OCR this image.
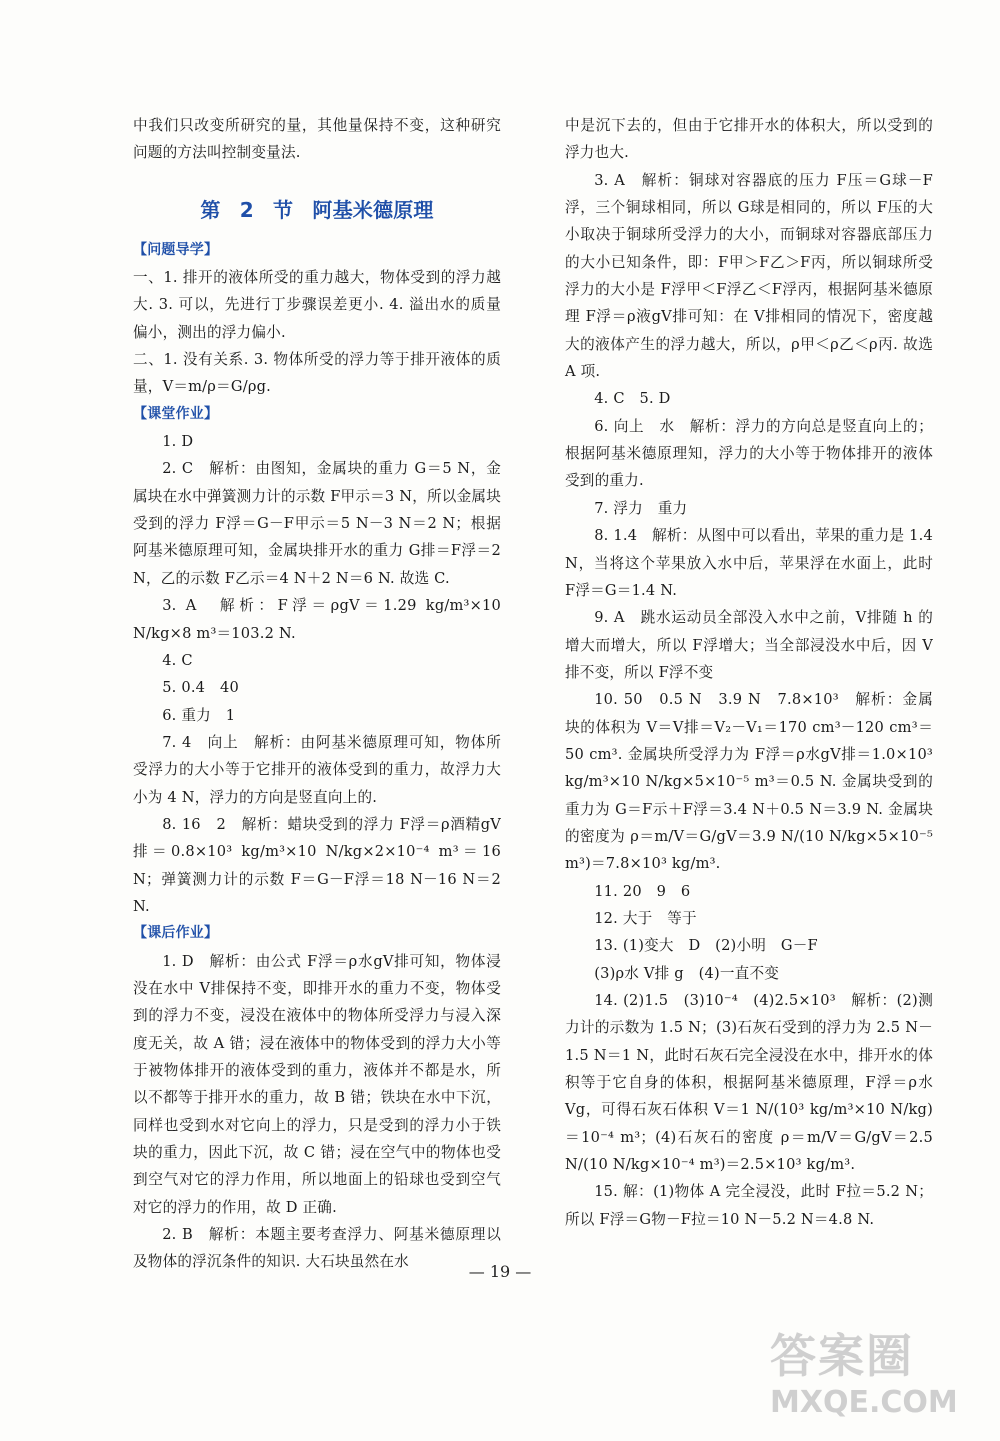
中我们只改变所研究的量，其他量保持不变，这种研究问题的方法叫控制变量法.

第 2 节 阿基米德原理
【问题导学】

一、1. 排开的液体所受的重力越大，物体受到的浮力越大. 3. 可以，先进行丁步骤误差更小. 4. 溢出水的质量偏小，测出的浮力偏小.

二、1. 没有关系. 3. 物体所受的浮力等于排开液体的质量，V＝m/ρ＝G/ρg.

【课堂作业】

1. D

2. C　解析：由图知，金属块的重力 G＝5 N，金属块在水中弹簧测力计的示数 F甲示＝3 N，所以金属块受到的浮力 F浮＝G－F甲示＝5 N－3 N＝2 N；根据阿基米德原理可知，金属块排开水的重力 G排＝F浮＝2 N，乙的示数 F乙示＝4 N＋2 N＝6 N. 故选 C.

3. A　解析：F浮＝ρgV＝1.29 kg/m³×10 N/kg×8 m³＝103.2 N.

4. C

5. 0.4　40

6. 重力　1

7. 4　向上　解析：由阿基米德原理可知，物体所受浮力的大小等于它排开的液体受到的重力，故浮力大小为 4 N，浮力的方向是竖直向上的.

8. 16　2　解析：蜡块受到的浮力 F浮＝ρ酒精gV排＝0.8×10³ kg/m³×10 N/kg×2×10⁻⁴ m³＝16 N；弹簧测力计的示数 F＝G－F浮＝18 N－16 N＝2 N.

【课后作业】

1. D　解析：由公式 F浮＝ρ水gV排可知，物体浸没在水中 V排保持不变，即排开水的重力不变，物体受到的浮力不变，浸没在液体中的物体所受浮力与浸入深度无关，故 A 错；浸在液体中的物体受到的浮力大小等于被物体排开的液体受到的重力，液体并不都是水，所以不都等于排开水的重力，故 B 错；铁块在水中下沉，同样也受到水对它向上的浮力，只是受到的浮力小于铁块的重力，因此下沉，故 C 错；浸在空气中的物体也受到空气对它的浮力作用，所以地面上的铅球也受到空气对它的浮力的作用，故 D 正确.

2. B　解析：本题主要考查浮力、阿基米德原理以及物体的浮沉条件的知识. 大石块虽然在水

中是沉下去的，但由于它排开水的体积大，所以受到的浮力也大.

3. A　解析：铜球对容器底的压力 F压＝G球－F浮，三个铜球相同，所以 G球是相同的，所以 F压的大小取决于铜球所受浮力的大小，而铜球对容器底部压力的大小已知条件，即：F甲＞F乙＞F丙，所以铜球所受浮力的大小是 F浮甲＜F浮乙＜F浮丙，根据阿基米德原理 F浮＝ρ液gV排可知：在 V排相同的情况下，密度越大的液体产生的浮力越大，所以，ρ甲＜ρ乙＜ρ丙. 故选 A 项.

4. C　5. D

6. 向上　水　解析：浮力的方向总是竖直向上的；根据阿基米德原理知，浮力的大小等于物体排开的液体受到的重力.

7. 浮力　重力

8. 1.4　解析：从图中可以看出，苹果的重力是 1.4 N，当将这个苹果放入水中后，苹果浮在水面上，此时 F浮＝G＝1.4 N.

9. A　跳水运动员全部没入水中之前，V排随 h 的增大而增大，所以 F浮增大；当全部浸没水中后，因 V排不变，所以 F浮不变

10. 50　0.5 N　3.9 N　7.8×10³　解析：金属块的体积为 V＝V排＝V₂－V₁＝170 cm³－120 cm³＝50 cm³. 金属块所受浮力为 F浮＝ρ水gV排＝1.0×10³ kg/m³×10 N/kg×5×10⁻⁵ m³＝0.5 N. 金属块受到的重力为 G＝F示＋F浮＝3.4 N＋0.5 N＝3.9 N. 金属块的密度为 ρ＝m/V＝G/gV＝3.9 N/(10 N/kg×5×10⁻⁵ m³)＝7.8×10³ kg/m³.

11. 20　9　6

12. 大于　等于

13. (1)变大　D　(2)小明　G－F

(3)ρ水 V排 g　(4)一直不变

14. (2)1.5　(3)10⁻⁴　(4)2.5×10³　解析：(2)测力计的示数为 1.5 N；(3)石灰石受到的浮力为 2.5 N－1.5 N＝1 N，此时石灰石完全浸没在水中，排开水的体积等于它自身的体积，根据阿基米德原理，F浮＝ρ水Vg，可得石灰石体积 V＝1 N/(10³ kg/m³×10 N/kg)＝10⁻⁴ m³；(4)石灰石的密度 ρ＝m/V＝G/gV＝2.5 N/(10 N/kg×10⁻⁴ m³)＝2.5×10³ kg/m³.

15. 解：(1)物体 A 完全浸没，此时 F拉＝5.2 N；所以 F浮＝G物－F拉＝10 N－5.2 N＝4.8 N.

— 19 —
答案圈
MXQE.COM
